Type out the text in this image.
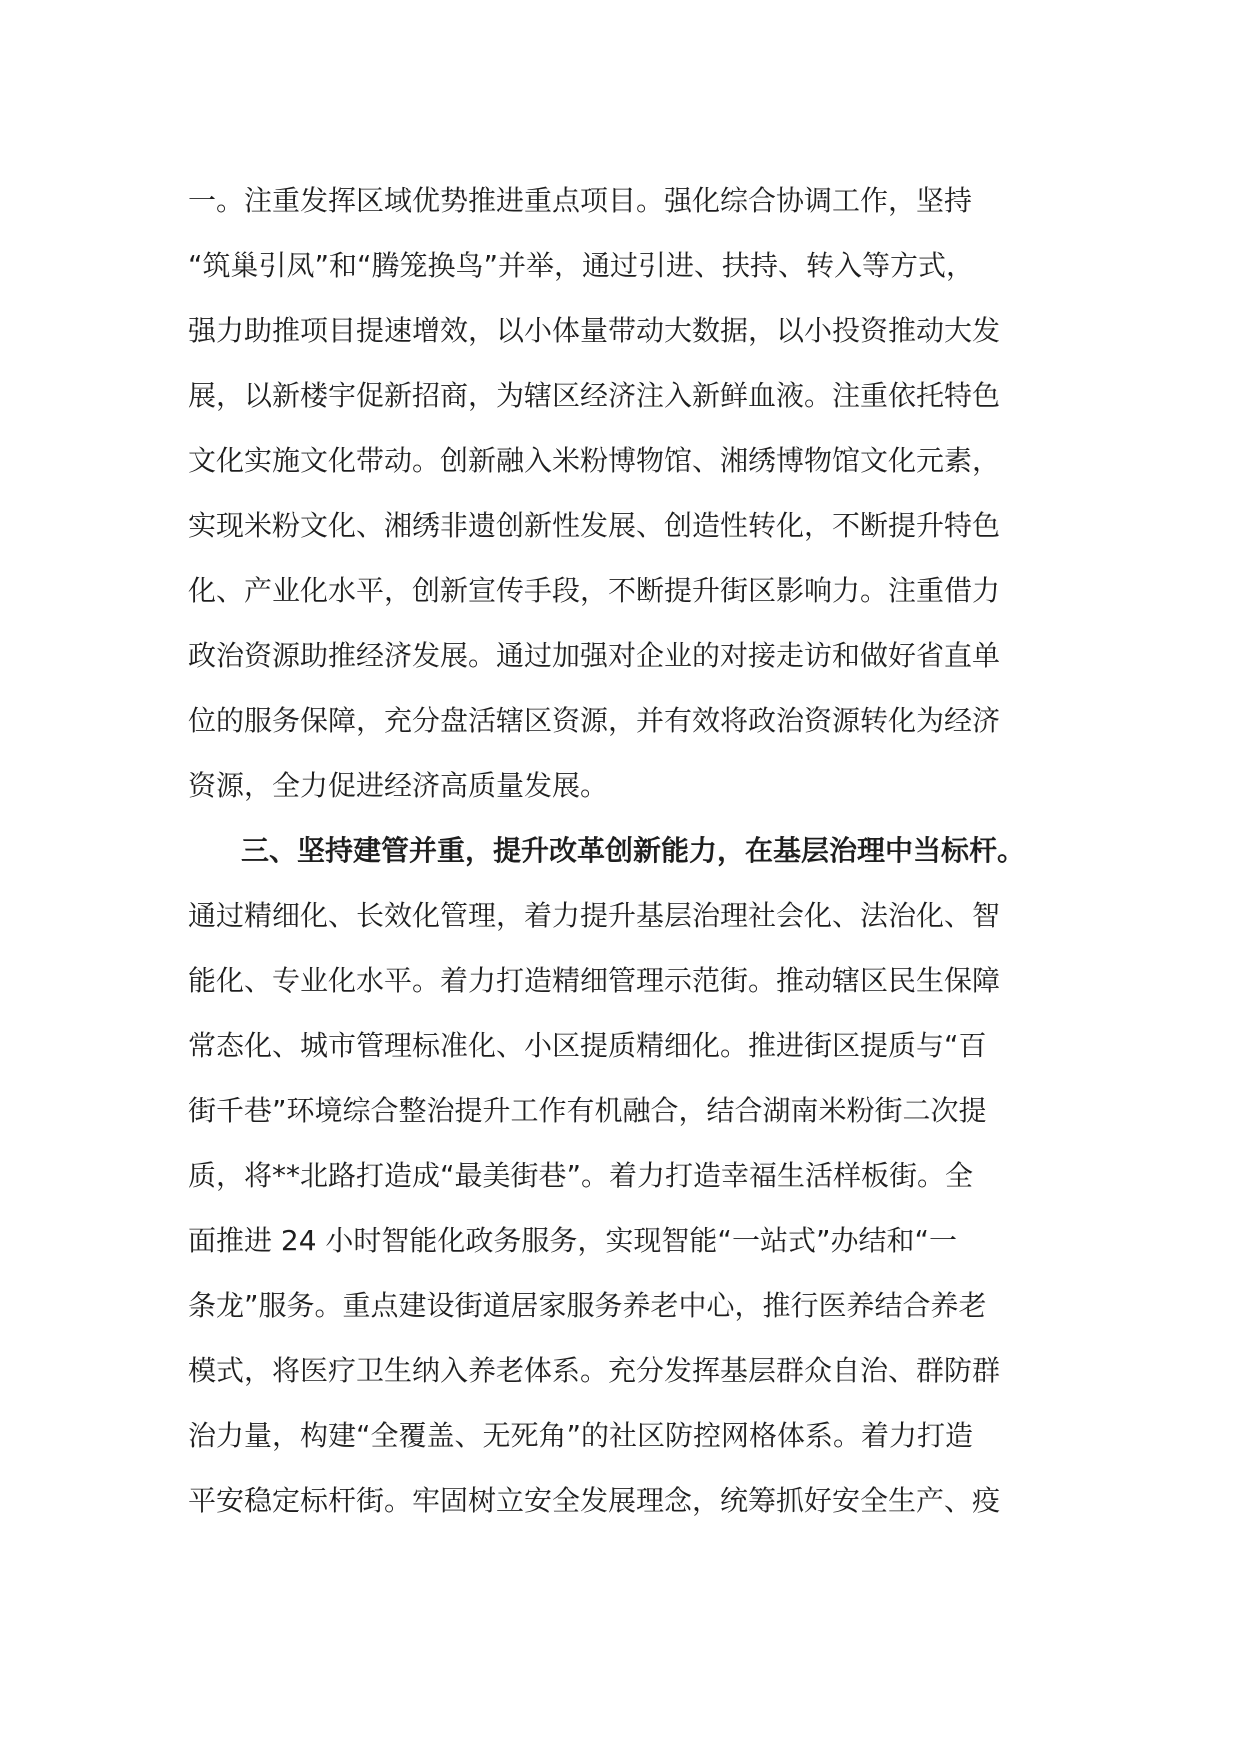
一。注重发挥区域优势推进重点项目。强化综合协调工作，坚持
“筑巢引凤”和“腾笼换鸟”并举，通过引进、扶持、转入等方式，
强力助推项目提速增效，以小体量带动大数据，以小投资推动大发
展，以新楼宇促新招商，为辖区经济注入新鲜血液。注重依托特色
文化实施文化带动。创新融入米粉博物馆、湘绣博物馆文化元素，
实现米粉文化、湘绣非遗创新性发展、创造性转化，不断提升特色
化、产业化水平，创新宣传手段，不断提升街区影响力。注重借力
政治资源助推经济发展。通过加强对企业的对接走访和做好省直单
位的服务保障，充分盘活辖区资源，并有效将政治资源转化为经济
资源，全力促进经济高质量发展。
三、坚持建管并重，提升改革创新能力，在基层治理中当标杆。
通过精细化、长效化管理，着力提升基层治理社会化、法治化、智
能化、专业化水平。着力打造精细管理示范街。推动辖区民生保障
常态化、城市管理标准化、小区提质精细化。推进街区提质与“百
街千巷”环境综合整治提升工作有机融合，结合湖南米粉街二次提
质，将**北路打造成“最美街巷”。着力打造幸福生活样板街。全
面推进 24 小时智能化政务服务，实现智能“一站式”办结和“一
条龙”服务。重点建设街道居家服务养老中心，推行医养结合养老
模式，将医疗卫生纳入养老体系。充分发挥基层群众自治、群防群
治力量，构建“全覆盖、无死角”的社区防控网格体系。着力打造
平安稳定标杆街。牢固树立安全发展理念，统筹抓好安全生产、疫
